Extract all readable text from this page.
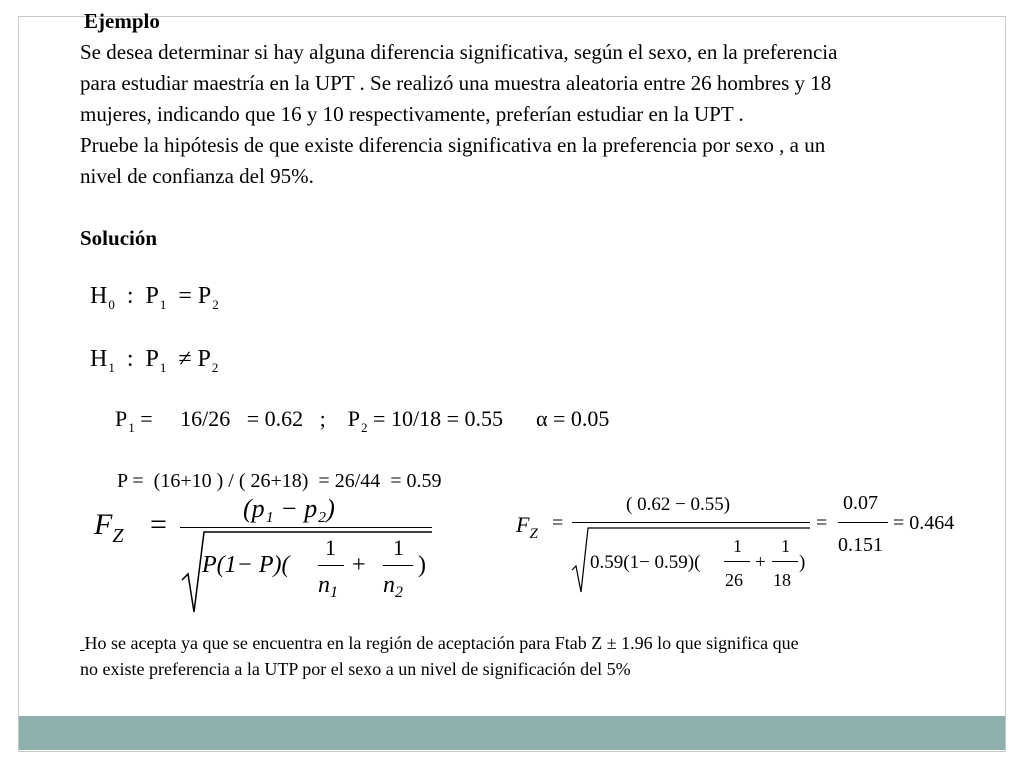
Ejemplo
Se desea determinar si hay alguna diferencia significativa, según el sexo, en la preferencia
para estudiar maestría en la UPT . Se realizó una muestra aleatoria entre 26 hombres y 18
mujeres, indicando que 16 y 10 respectivamente, preferían estudiar en la UPT .
Pruebe la hipótesis de que existe diferencia significativa en la preferencia por sexo , a un
nivel de confianza del 95%.
Solución
$H_0$ : $P_1 = P_2$
$H_1$ : $P_1 \ne P_2$
$P_1$ =     16/26   = 0.62   ; $P_2 = 10/18 = 0.55$ α = 0.05
P =  (16+10 ) / ( 26+18)  = 26/44  = 0.59
$F_Z$ =	(p₁ − p₂)
P(1− P)(
1
$n_1$
+
1
$n_2$
)
$F_Z$ =
( 0.62 − 0.55)
0.59(1− 0.59)(
1
26
+
1
18
)
=
0.07
0.151
= 0.464
Ho se acepta ya que se encuentra en la región de aceptación para Ftab Z ± 1.96 lo que significa que
no existe preferencia a la UTP por el sexo a un nivel de significación del 5%
